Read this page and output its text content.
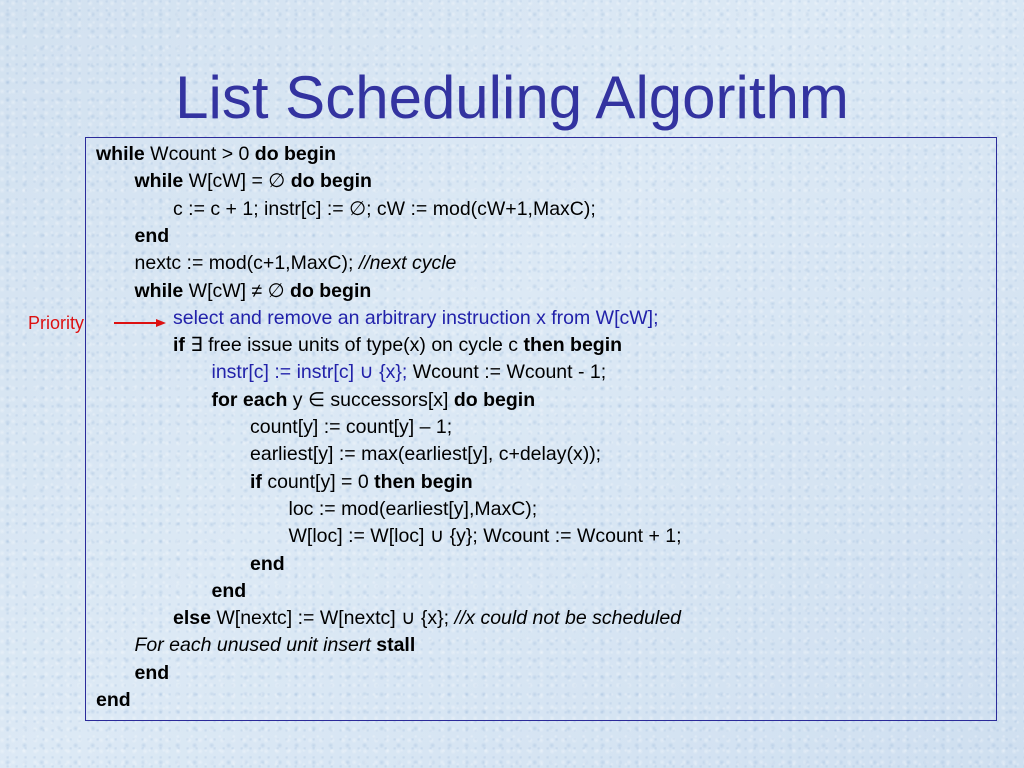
List Scheduling Algorithm
while Wcount > 0 do begin
while W[cW] = ∅ do begin
c := c + 1; instr[c] := ∅; cW := mod(cW+1,MaxC);
end
nextc := mod(c+1,MaxC); //next cycle
while W[cW] ≠ ∅ do begin
select and remove an arbitrary instruction x from W[cW];
if ∃ free issue units of type(x) on cycle c then begin
instr[c] := instr[c] ∪ {x}; Wcount := Wcount - 1;
for each y ∈ successors[x] do begin
count[y] := count[y] – 1;
earliest[y] := max(earliest[y], c+delay(x));
if count[y] = 0 then begin
loc := mod(earliest[y],MaxC);
W[loc] := W[loc] ∪ {y}; Wcount := Wcount + 1;
end
end
else W[nextc] := W[nextc] ∪ {x}; //x could not be scheduled
For each unused unit insert stall
end
end
Priority
